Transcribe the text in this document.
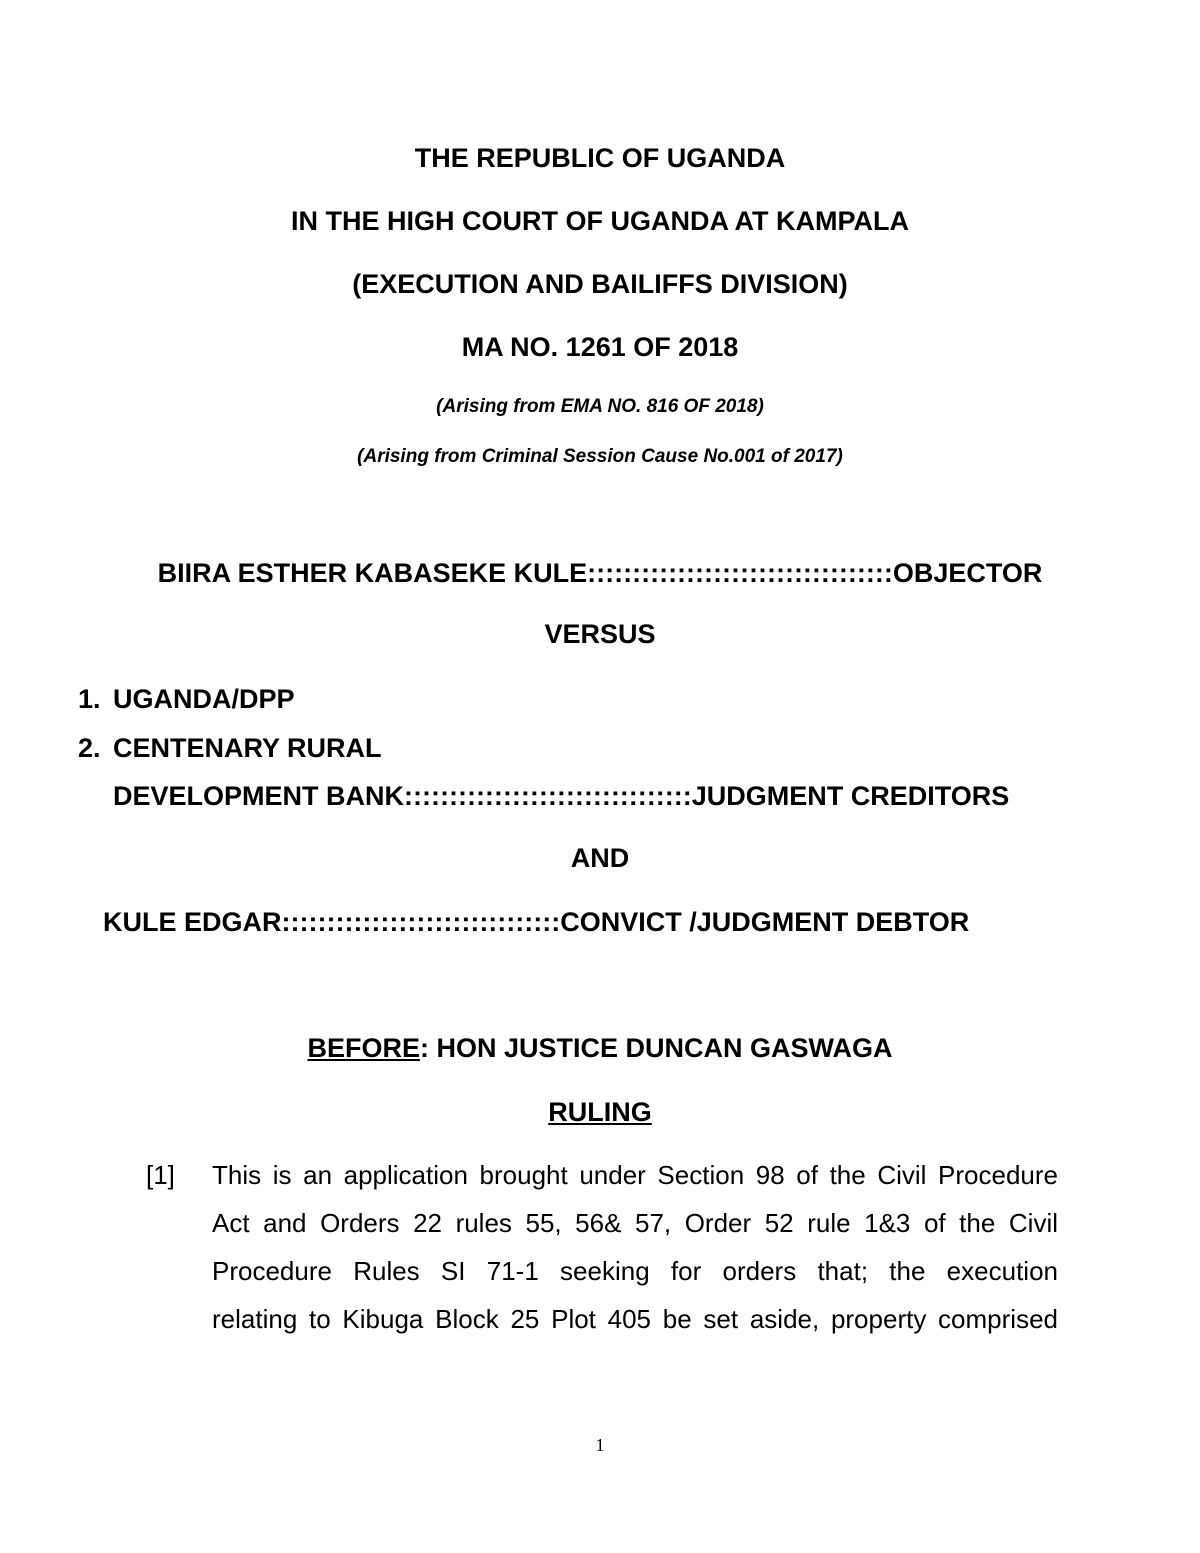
THE REPUBLIC OF UGANDA
IN THE HIGH COURT OF UGANDA AT KAMPALA
(EXECUTION AND BAILIFFS DIVISION)
MA NO. 1261 OF 2018
(Arising from EMA NO. 816 OF 2018)
(Arising from Criminal Session Cause No.001 of 2017)
BIIRA ESTHER KABASEKE KULE::::::::::::::::::::::::::::::::::OBJECTOR
VERSUS
1. UGANDA/DPP
2. CENTENARY RURAL
DEVELOPMENT BANK::::::::::::::::::::::::::::::::JUDGMENT CREDITORS
AND
KULE EDGAR:::::::::::::::::::::::::::::::CONVICT /JUDGMENT DEBTOR
BEFORE: HON JUSTICE DUNCAN GASWAGA
RULING
[1] This is an application brought under Section 98 of the Civil Procedure
Act and Orders 22 rules 55, 56& 57, Order 52 rule 1&3 of the Civil
Procedure Rules SI 71-1 seeking for orders that; the execution
relating to Kibuga Block 25 Plot 405 be set aside, property comprised
1
